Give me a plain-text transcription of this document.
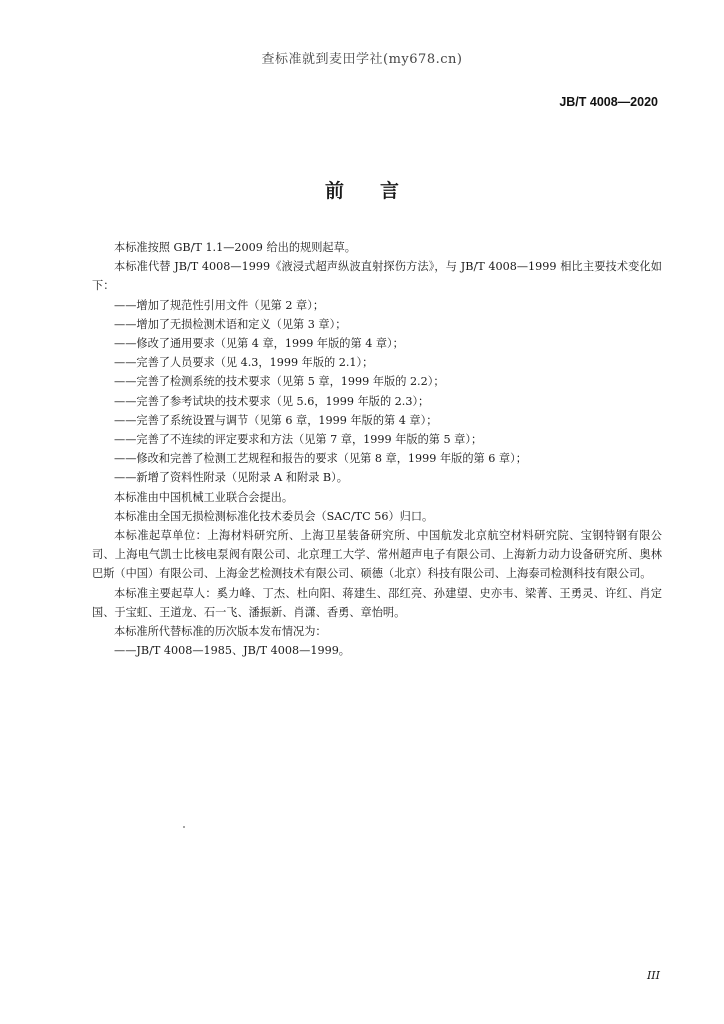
查标准就到麦田学社(my678.cn)
JB/T 4008—2020
前言

本标准按照 GB/T 1.1—2009 给出的规则起草。

本标准代替 JB/T 4008—1999《液浸式超声纵波直射探伤方法》，与 JB/T 4008—1999 相比主要技术变化如下：

——增加了规范性引用文件（见第 2 章）；

——增加了无损检测术语和定义（见第 3 章）；

——修改了通用要求（见第 4 章，1999 年版的第 4 章）；

——完善了人员要求（见 4.3，1999 年版的 2.1）；

——完善了检测系统的技术要求（见第 5 章，1999 年版的 2.2）；

——完善了参考试块的技术要求（见 5.6，1999 年版的 2.3）；

——完善了系统设置与调节（见第 6 章，1999 年版的第 4 章）；

——完善了不连续的评定要求和方法（见第 7 章，1999 年版的第 5 章）；

——修改和完善了检测工艺规程和报告的要求（见第 8 章，1999 年版的第 6 章）；

——新增了资料性附录（见附录 A 和附录 B）。

本标准由中国机械工业联合会提出。

本标准由全国无损检测标准化技术委员会（SAC/TC 56）归口。

本标准起草单位：上海材料研究所、上海卫星装备研究所、中国航发北京航空材料研究院、宝钢特钢有限公司、上海电气凯士比核电泵阀有限公司、北京理工大学、常州超声电子有限公司、上海新力动力设备研究所、奥林巴斯（中国）有限公司、上海金艺检测技术有限公司、硕德（北京）科技有限公司、上海泰司检测科技有限公司。

本标准主要起草人：奚力峰、丁杰、杜向阳、蒋建生、邵红亮、孙建望、史亦韦、梁菁、王勇灵、许红、肖定国、于宝虹、王道龙、石一飞、潘振新、肖潇、香勇、章怡明。

本标准所代替标准的历次版本发布情况为：

——JB/T 4008—1985、JB/T 4008—1999。

III
